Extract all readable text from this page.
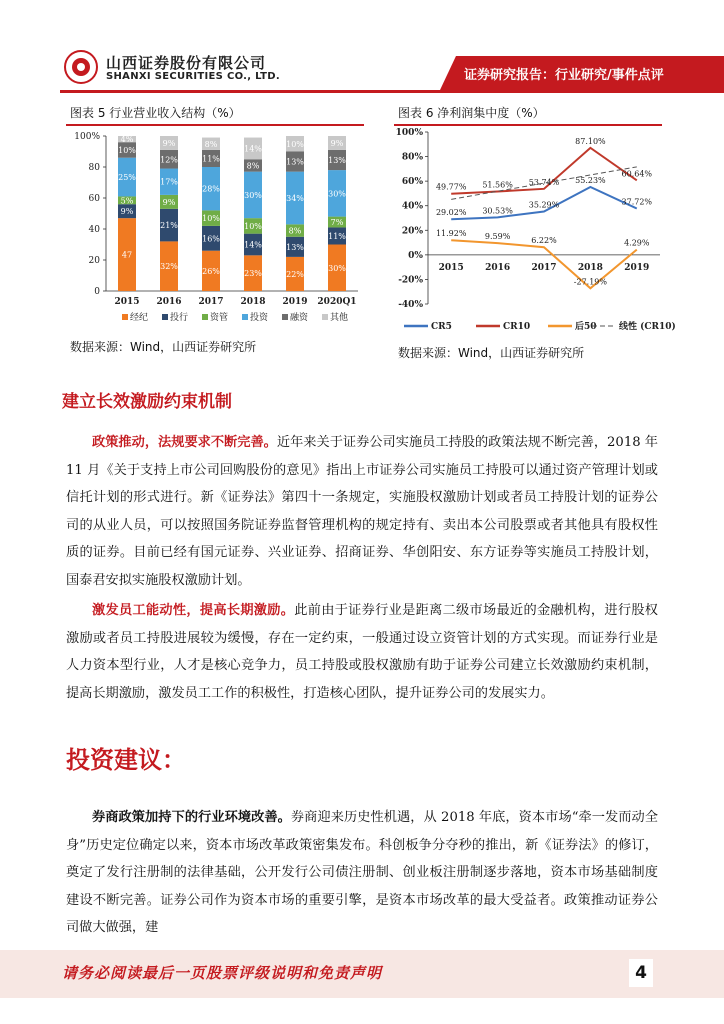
山西证券股份有限公司
SHANXI SECURITIES CO., LTD.	证券研究报告：行业研究/事件点评
图表 5 行业营业收入结构（%）
0
20
40
60
80
100%
47
9%
5%
25%
10%
4%
2015
32%
21%
9%
17%
12%
9%
2016
26%
16%
10%
28%
11%
8%
2017
23%
14%
10%
30%
8%
14%
2018
22%
13%
8%
34%
13%
10%
2019
30%
11%
7%
30%
13%
9%
2020Q1
经纪 投行 资管 投资 融资 其他
数据来源：Wind，山西证券研究所
图表 6 净利润集中度（%）
-40%
-20%
0%
20%
40%
60%
80%
100%
2015 2016 2017 2018 2019
29.02% 30.53%
35.29%
55.23%
37.72%
49.77% 51.56% 53.74%
87.10%
60.64%
11.92% 9.59%	6.22%
-27.19%
4.29%
CR5	CR10	后50 线性 (CR10)
数据来源：Wind，山西证券研究所
建立长效激励约束机制
政策推动，法规要求不断完善。近年来关于证券公司实施员工持股的政策法规不断完善，2018 年 11 月《关于支持上市公司回购股份的意见》指出上市证券公司实施员工持股可以通过资产管理计划或信托计划的形式进行。新《证券法》第四十一条规定，实施股权激励计划或者员工持股计划的证券公司的从业人员，可以按照国务院证券监督管理机构的规定持有、卖出本公司股票或者其他具有股权性质的证券。目前已经有国元证券、兴业证券、招商证券、华创阳安、东方证券等实施员工持股计划，国泰君安拟实施股权激励计划。
激发员工能动性，提高长期激励。此前由于证券行业是距离二级市场最近的金融机构，进行股权激励或者员工持股进展较为缓慢，存在一定约束，一般通过设立资管计划的方式实现。而证券行业是人力资本型行业，人才是核心竞争力，员工持股或股权激励有助于证券公司建立长效激励约束机制，提高长期激励，激发员工工作的积极性，打造核心团队，提升证券公司的发展实力。
投资建议：
券商政策加持下的行业环境改善。券商迎来历史性机遇，从 2018 年底，资本市场“牵一发而动全身”历史定位确定以来，资本市场改革政策密集发布。科创板争分夺秒的推出，新《证券法》的修订，奠定了发行注册制的法律基础，公开发行公司债注册制、创业板注册制逐步落地，资本市场基础制度建设不断完善。证券公司作为资本市场的重要引擎，是资本市场改革的最大受益者。政策推动证券公司做大做强，建
请务必阅读最后一页股票评级说明和免责声明	4
